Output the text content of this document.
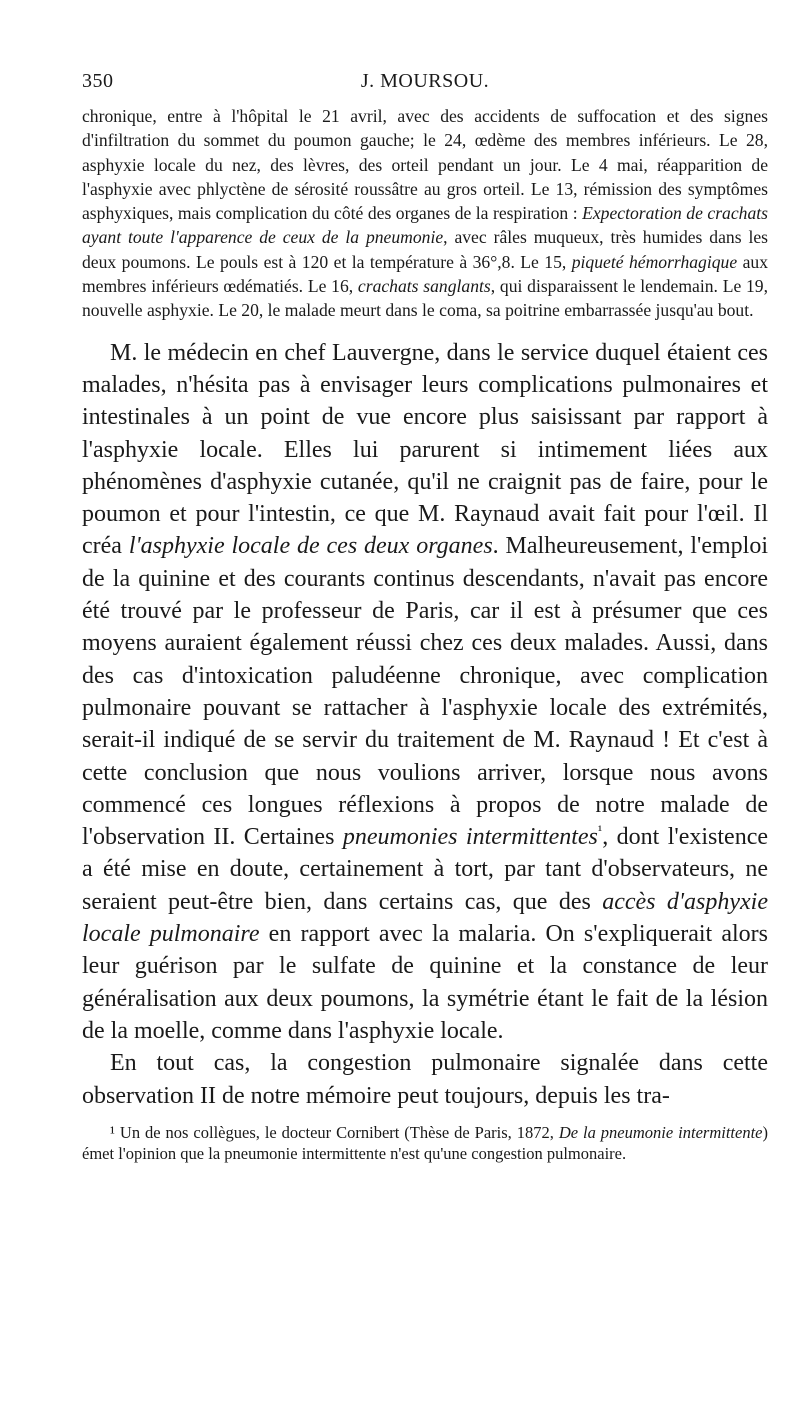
350	J. MOURSOU.

chronique, entre à l'hôpital le 21 avril, avec des accidents de suffocation et des signes d'infiltration du sommet du poumon gauche; le 24, œdème des membres inférieurs. Le 28, asphyxie locale du nez, des lèvres, des orteil pendant un jour. Le 4 mai, réapparition de l'asphyxie avec phlyctène de sérosité roussâtre au gros orteil. Le 13, rémission des symptômes asphyxiques, mais complication du côté des organes de la respiration : Expectoration de crachats ayant toute l'apparence de ceux de la pneumonie, avec râles muqueux, très humides dans les deux poumons. Le pouls est à 120 et la température à 36°,8. Le 15, piqueté hémorrhagique aux membres inférieurs œdématiés. Le 16, crachats sanglants, qui disparaissent le lendemain. Le 19, nouvelle asphyxie. Le 20, le malade meurt dans le coma, sa poitrine embarrassée jusqu'au bout.

M. le médecin en chef Lauvergne, dans le service duquel étaient ces malades, n'hésita pas à envisager leurs complications pulmonaires et intestinales à un point de vue encore plus saisissant par rapport à l'asphyxie locale. Elles lui parurent si intimement liées aux phénomènes d'asphyxie cutanée, qu'il ne craignit pas de faire, pour le poumon et pour l'intestin, ce que M. Raynaud avait fait pour l'œil. Il créa l'asphyxie locale de ces deux organes. Malheureusement, l'emploi de la quinine et des courants continus descendants, n'avait pas encore été trouvé par le professeur de Paris, car il est à présumer que ces moyens auraient également réussi chez ces deux malades. Aussi, dans des cas d'intoxication paludéenne chronique, avec complication pulmonaire pouvant se rattacher à l'asphyxie locale des extrémités, serait-il indiqué de se servir du traitement de M. Raynaud ! Et c'est à cette conclusion que nous voulions arriver, lorsque nous avons commencé ces longues réflexions à propos de notre malade de l'observation II. Certaines pneumonies intermittentes$^{^1}$, dont l'existence a été mise en doute, certainement à tort, par tant d'observateurs, ne seraient peut-être bien, dans certains cas, que des accès d'asphyxie locale pulmonaire en rapport avec la malaria. On s'expliquerait alors leur guérison par le sulfate de quinine et la constance de leur généralisation aux deux poumons, la symétrie étant le fait de la lésion de la moelle, comme dans l'asphyxie locale.

En tout cas, la congestion pulmonaire signalée dans cette observation II de notre mémoire peut toujours, depuis les tra-

¹ Un de nos collègues, le docteur Cornibert (Thèse de Paris, 1872, De la pneumonie intermittente) émet l'opinion que la pneumonie intermittente n'est qu'une congestion pulmonaire.
